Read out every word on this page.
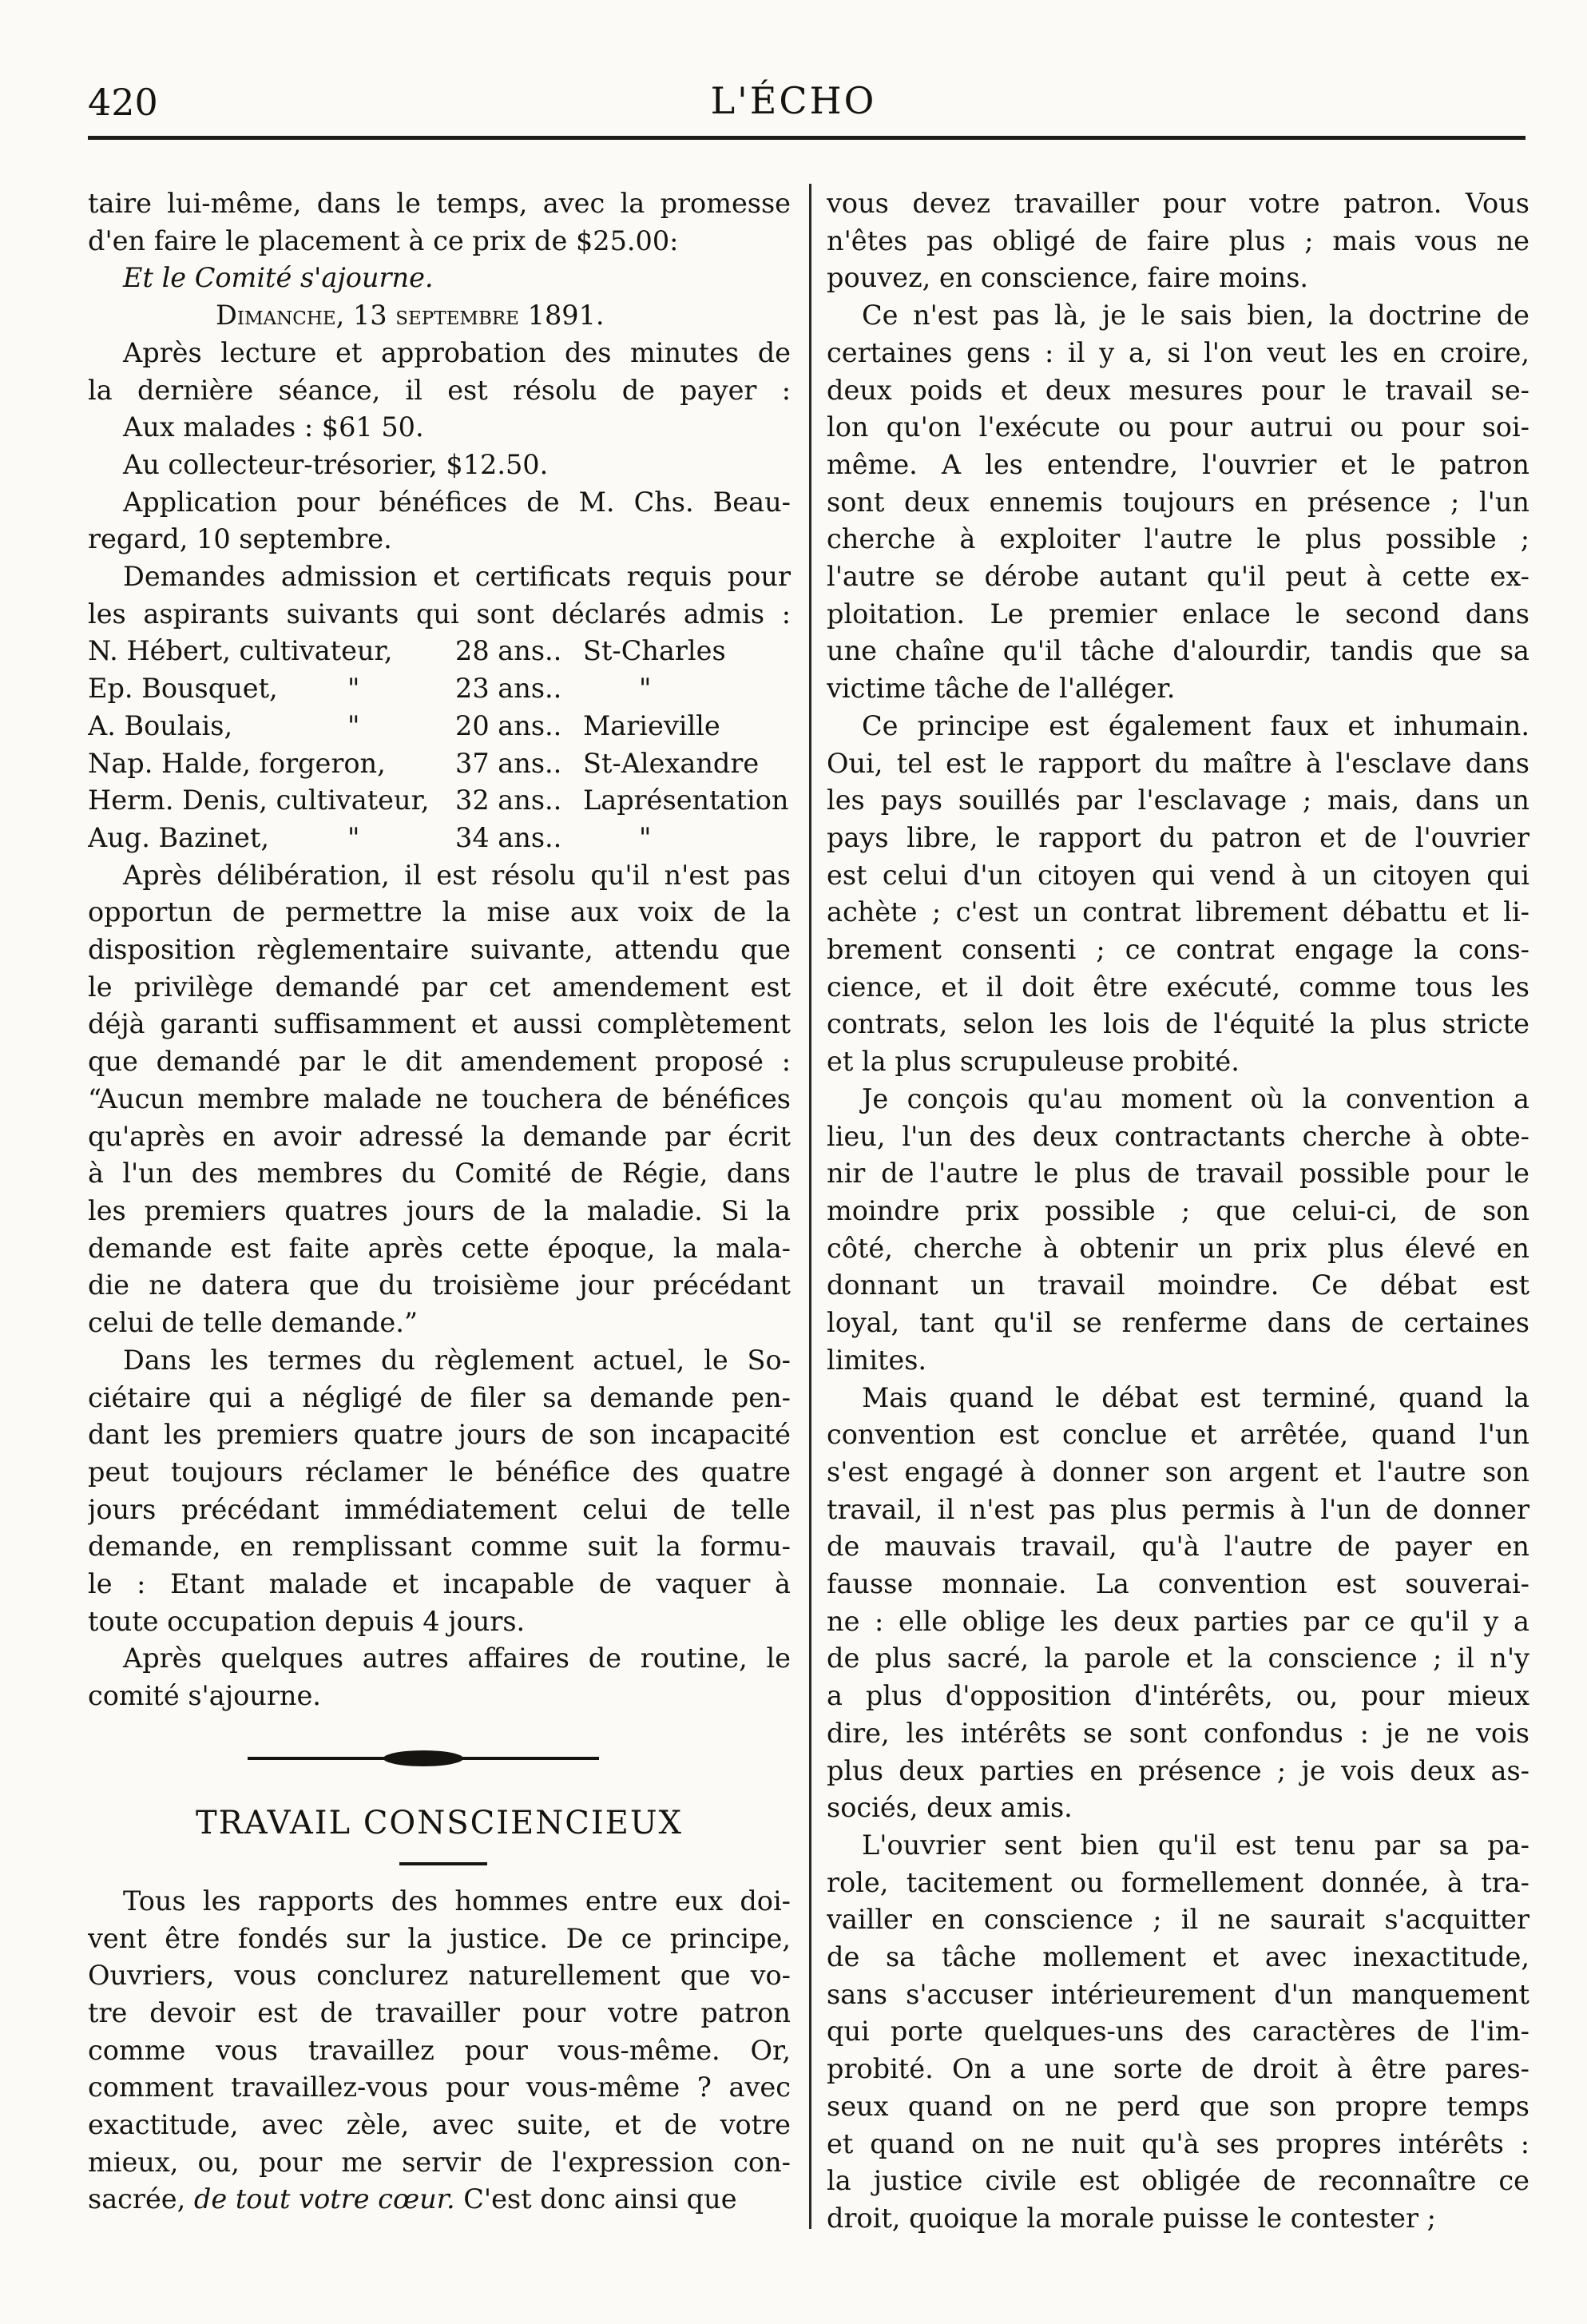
420	L'ÉCHO
taire lui-même, dans le temps, avec la promesse
d'en faire le placement à ce prix de $25.00:
Et le Comité s'ajourne.
Dimanche, 13 septembre 1891.
Après lecture et approbation des minutes de
la dernière séance, il est résolu de payer :
Aux malades : $61 50.
Au collecteur-trésorier, $12.50.
Application pour bénéfices de M. Chs. Beau-
regard, 10 septembre.
Demandes admission et certificats requis pour
les aspirants suivants qui sont déclarés admis :
N. Hébert, cultivateur, 28 ans.. St-Charles
Ep. Bousquet,	"	23 ans..	"
A. Boulais,	"	20 ans.. Marieville
Nap. Halde, forgeron,	37 ans.. St-Alexandre
Herm. Denis, cultivateur, 32 ans.. Laprésentation
Aug. Bazinet,	"	34 ans..	"
Après délibération, il est résolu qu'il n'est pas
opportun de permettre la mise aux voix de la
disposition règlementaire suivante, attendu que
le privilège demandé par cet amendement est
déjà garanti suffisamment et aussi complètement
que demandé par le dit amendement proposé :
“Aucun membre malade ne touchera de bénéfices
qu'après en avoir adressé la demande par écrit
à l'un des membres du Comité de Régie, dans
les premiers quatres jours de la maladie. Si la
demande est faite après cette époque, la mala-
die ne datera que du troisième jour précédant
celui de telle demande.”
Dans les termes du règlement actuel, le So-
ciétaire qui a négligé de filer sa demande pen-
dant les premiers quatre jours de son incapacité
peut toujours réclamer le bénéfice des quatre
jours précédant immédiatement celui de telle
demande, en remplissant comme suit la formu-
le : Etant malade et incapable de vaquer à
toute occupation depuis 4 jours.
Après quelques autres affaires de routine, le
comité s'ajourne.
TRAVAIL CONSCIENCIEUX
Tous les rapports des hommes entre eux doi-
vent être fondés sur la justice. De ce principe,
Ouvriers, vous conclurez naturellement que vo-
tre devoir est de travailler pour votre patron
comme vous travaillez pour vous-même. Or,
comment travaillez-vous pour vous-même ? avec
exactitude, avec zèle, avec suite, et de votre
mieux, ou, pour me servir de l'expression con-
sacrée, de tout votre cœur. C'est donc ainsi que
vous devez travailler pour votre patron. Vous
n'êtes pas obligé de faire plus ; mais vous ne
pouvez, en conscience, faire moins.
Ce n'est pas là, je le sais bien, la doctrine de
certaines gens : il y a, si l'on veut les en croire,
deux poids et deux mesures pour le travail se-
lon qu'on l'exécute ou pour autrui ou pour soi-
même. A les entendre, l'ouvrier et le patron
sont deux ennemis toujours en présence ; l'un
cherche à exploiter l'autre le plus possible ;
l'autre se dérobe autant qu'il peut à cette ex-
ploitation. Le premier enlace le second dans
une chaîne qu'il tâche d'alourdir, tandis que sa
victime tâche de l'alléger.
Ce principe est également faux et inhumain.
Oui, tel est le rapport du maître à l'esclave dans
les pays souillés par l'esclavage ; mais, dans un
pays libre, le rapport du patron et de l'ouvrier
est celui d'un citoyen qui vend à un citoyen qui
achète ; c'est un contrat librement débattu et li-
brement consenti ; ce contrat engage la cons-
cience, et il doit être exécuté, comme tous les
contrats, selon les lois de l'équité la plus stricte
et la plus scrupuleuse probité.
Je conçois qu'au moment où la convention a
lieu, l'un des deux contractants cherche à obte-
nir de l'autre le plus de travail possible pour le
moindre prix possible ; que celui-ci, de son
côté, cherche à obtenir un prix plus élevé en
donnant un travail moindre. Ce débat est
loyal, tant qu'il se renferme dans de certaines
limites.
Mais quand le débat est terminé, quand la
convention est conclue et arrêtée, quand l'un
s'est engagé à donner son argent et l'autre son
travail, il n'est pas plus permis à l'un de donner
de mauvais travail, qu'à l'autre de payer en
fausse monnaie. La convention est souverai-
ne : elle oblige les deux parties par ce qu'il y a
de plus sacré, la parole et la conscience ; il n'y
a plus d'opposition d'intérêts, ou, pour mieux
dire, les intérêts se sont confondus : je ne vois
plus deux parties en présence ; je vois deux as-
sociés, deux amis.
L'ouvrier sent bien qu'il est tenu par sa pa-
role, tacitement ou formellement donnée, à tra-
vailler en conscience ; il ne saurait s'acquitter
de sa tâche mollement et avec inexactitude,
sans s'accuser intérieurement d'un manquement
qui porte quelques-uns des caractères de l'im-
probité. On a une sorte de droit à être pares-
seux quand on ne perd que son propre temps
et quand on ne nuit qu'à ses propres intérêts :
la justice civile est obligée de reconnaître ce
droit, quoique la morale puisse le contester ;
